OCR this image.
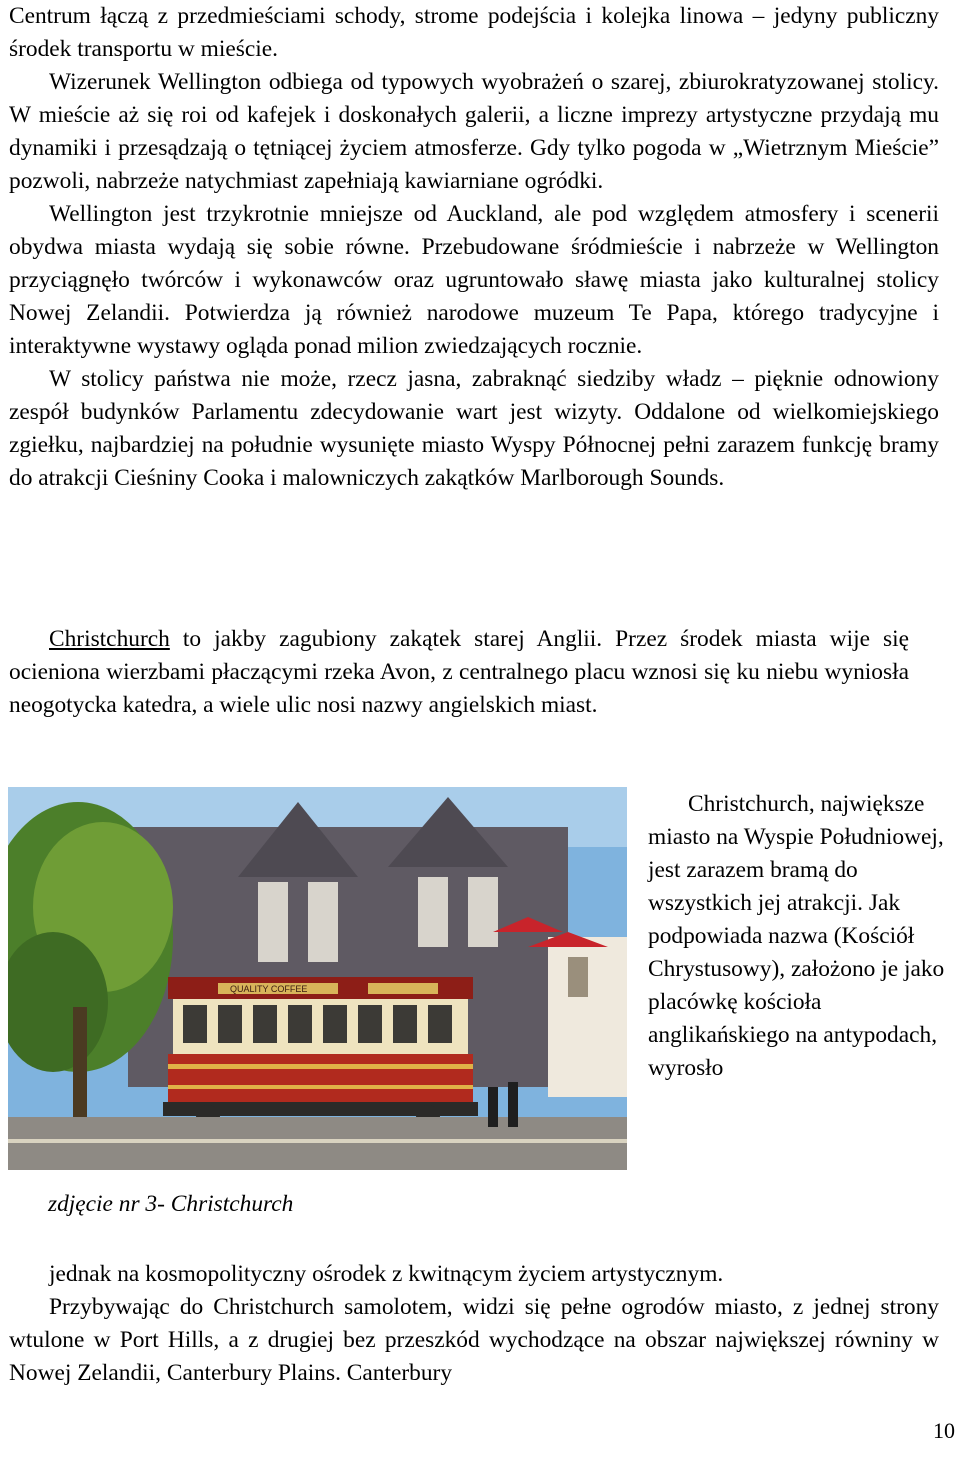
Centrum łączą z przedmieściami schody, strome podejścia i kolejka linowa – jedyny publiczny środek transportu w mieście.

Wizerunek Wellington odbiega od typowych wyobrażeń o szarej, zbiurokratyzowanej stolicy. W mieście aż się roi od kafejek i doskonałych galerii, a liczne imprezy artystyczne przydają mu dynamiki i przesądzają o tętniącej życiem atmosferze. Gdy tylko pogoda w „Wietrznym Mieście” pozwoli, nabrzeże natychmiast zapełniają kawiarniane ogródki.

Wellington jest trzykrotnie mniejsze od Auckland, ale pod względem atmosfery i scenerii obydwa miasta wydają się sobie równe. Przebudowane śródmieście i nabrzeże w Wellington przyciągnęło twórców i wykonawców oraz ugruntowało sławę miasta jako kulturalnej stolicy Nowej Zelandii. Potwierdza ją również narodowe muzeum Te Papa, którego tradycyjne i interaktywne wystawy ogląda ponad milion zwiedzających rocznie.

W stolicy państwa nie może, rzecz jasna, zabraknąć siedziby władz – pięknie odnowiony zespół budynków Parlamentu zdecydowanie wart jest wizyty. Oddalone od wielkomiejskiego zgiełku, najbardziej na południe wysunięte miasto Wyspy Północnej pełni zarazem funkcję bramy do atrakcji Cieśniny Cooka i malowniczych zakątków Marlborough Sounds.

Christchurch to jakby zagubiony zakątek starej Anglii. Przez środek miasta wije się ocieniona wierzbami płaczącymi rzeka Avon, z centralnego placu wznosi się ku niebu wyniosła neogotycka katedra, a wiele ulic nosi nazwy angielskich miast.

QUALITY COFFEE

Christchurch, największe miasto na Wyspie Południowej, jest zarazem bramą do wszystkich jej atrakcji. Jak podpowiada nazwa (Kościół Chrystusowy), założono je jako placówkę kościoła anglikańskiego na antypodach, wyrosło

zdjęcie nr 3- Christchurch

jednak na kosmopolityczny ośrodek z kwitnącym życiem artystycznym.

Przybywając do Christchurch samolotem, widzi się pełne ogrodów miasto, z jednej strony wtulone w Port Hills, a z drugiej bez przeszkód wychodzące na obszar największej równiny w Nowej Zelandii, Canterbury Plains. Canterbury

10
